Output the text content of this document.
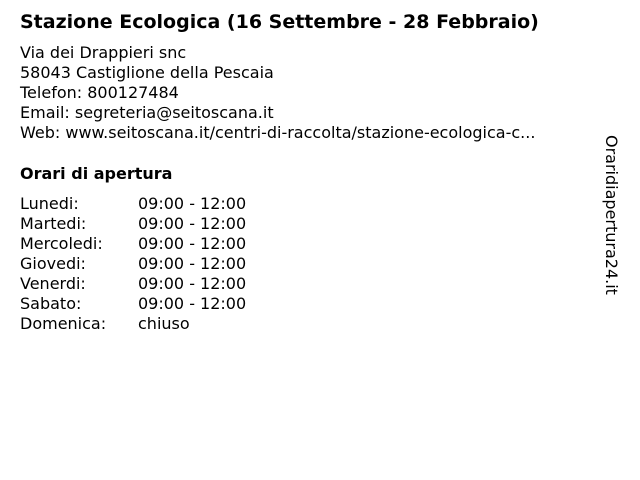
Stazione Ecologica (16 Settembre - 28 Febbraio)
Via dei Drappieri snc
58043 Castiglione della Pescaia
Telefon: 800127484
Email: segreteria@seitoscana.it
Web: www.seitoscana.it/centri-di-raccolta/stazione-ecologica-c...
Orari di apertura
Lunedi:	09:00 - 12:00
Martedi:	09:00 - 12:00
Mercoledi: 09:00 - 12:00
Giovedi:	09:00 - 12:00
Venerdi:	09:00 - 12:00
Sabato:	09:00 - 12:00
Domenica: chiuso
Oraridiapertura24.it
